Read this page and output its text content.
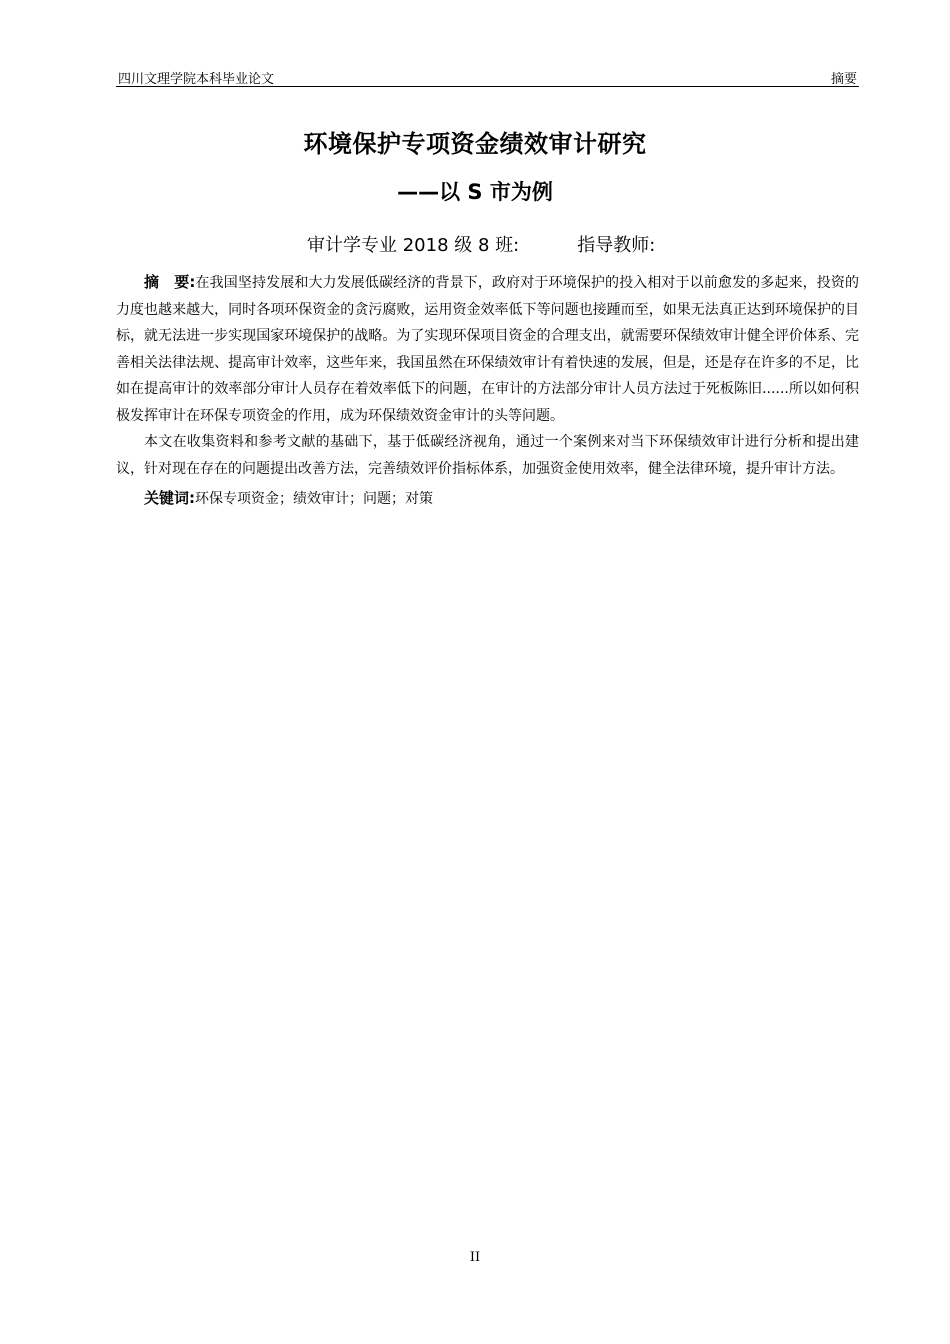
四川文理学院本科毕业论文	摘要
环境保护专项资金绩效审计研究
——以 S 市为例
审计学专业 2018 级 8 班:	指导教师:

摘　要:在我国坚持发展和大力发展低碳经济的背景下，政府对于环境保护的投入相对于以前愈发的多起来，投资的力度也越来越大，同时各项环保资金的贪污腐败，运用资金效率低下等问题也接踵而至，如果无法真正达到环境保护的目标，就无法进一步实现国家环境保护的战略。为了实现环保项目资金的合理支出，就需要环保绩效审计健全评价体系、完善相关法律法规、提高审计效率，这些年来，我国虽然在环保绩效审计有着快速的发展，但是，还是存在许多的不足，比如在提高审计的效率部分审计人员存在着效率低下的问题，在审计的方法部分审计人员方法过于死板陈旧......所以如何积极发挥审计在环保专项资金的作用，成为环保绩效资金审计的头等问题。

本文在收集资料和参考文献的基础下，基于低碳经济视角，通过一个案例来对当下环保绩效审计进行分析和提出建议，针对现在存在的问题提出改善方法，完善绩效评价指标体系，加强资金使用效率，健全法律环境，提升审计方法。

关键词:环保专项资金；绩效审计；问题；对策

II
